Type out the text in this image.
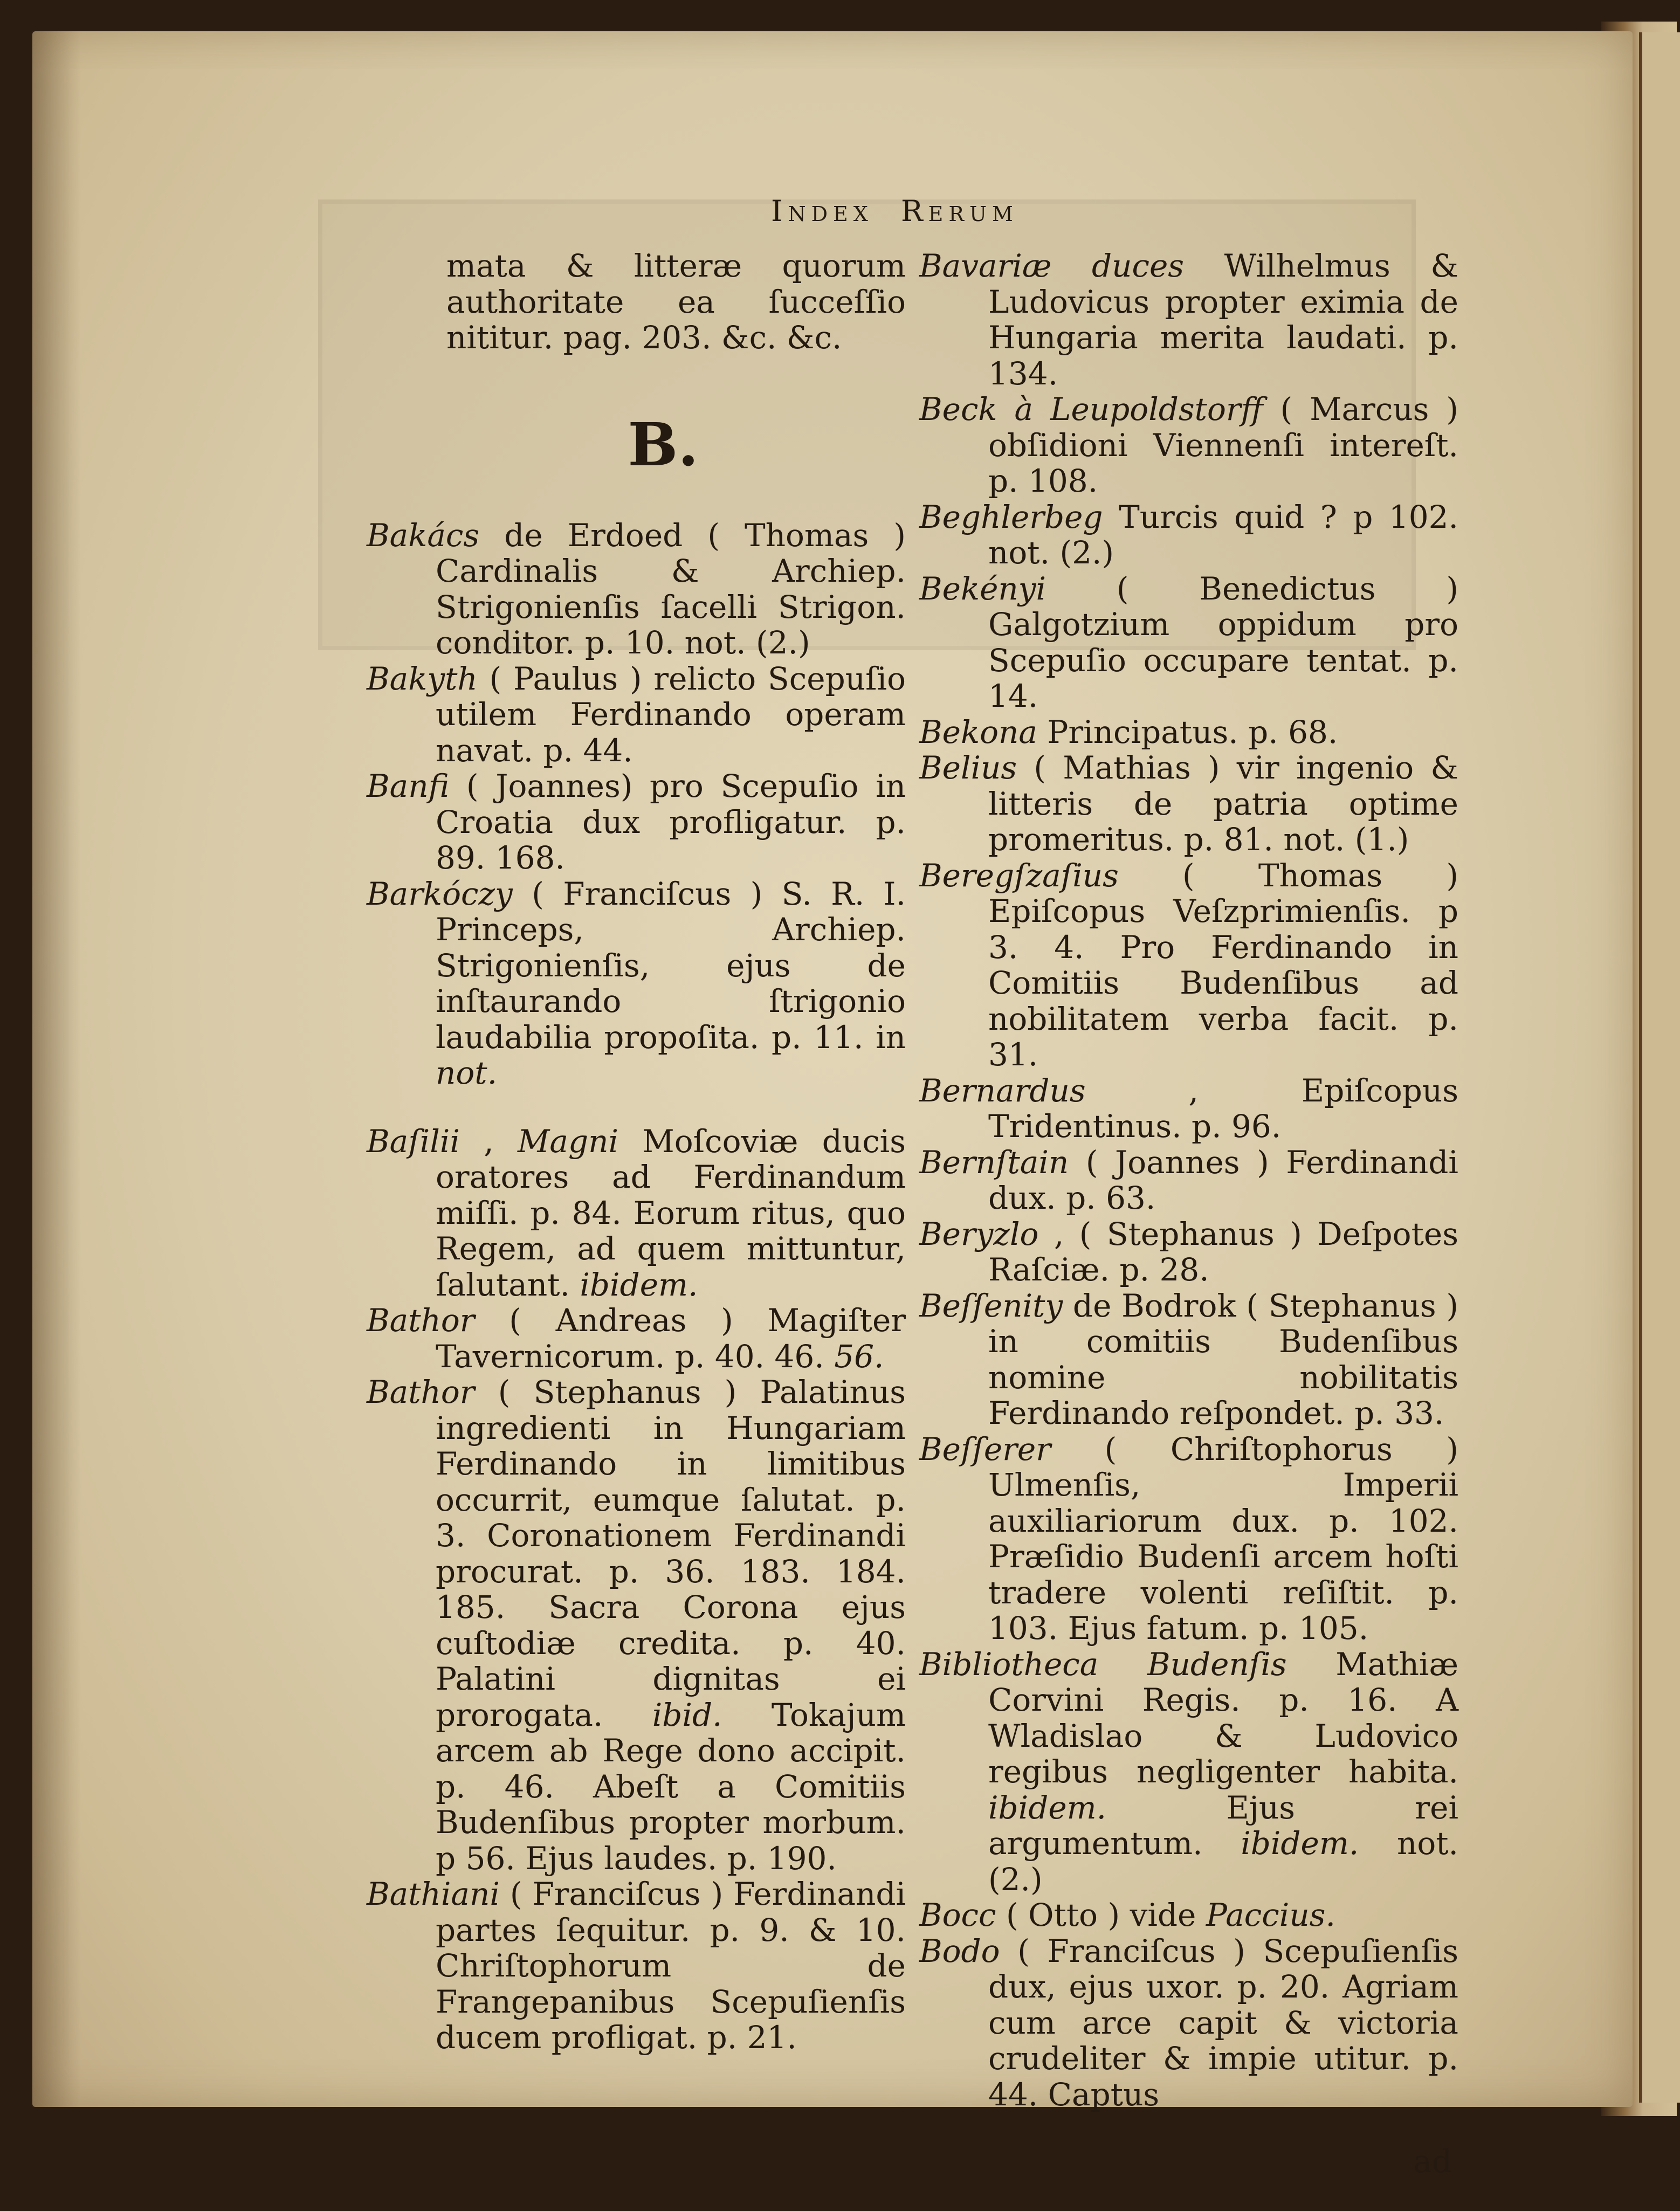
Index Rerum

mata & litteræ quorum authoritate ea ſucceſſio nititur. pag. 203. &c. &c.

B.

Bakács de Erdoed ( Thomas ) Cardinalis & Archiep. Strigonienſis ſacelli Strigon. conditor. p. 10. not. (2.)

Bakyth ( Paulus ) relicto Scepuſio utilem Ferdinando operam navat. p. 44.

Banfi ( Joannes) pro Scepuſio in Croatia dux profligatur. p. 89. 168.

Barkóczy ( Franciſcus ) S. R. I. Princeps, Archiep. Strigonienſis, ejus de inſtaurando ſtrigonio laudabilia propoſita. p. 11. in not.

Baſilii , Magni Moſcoviæ ducis oratores ad Ferdinandum miſſi. p. 84. Eorum ritus, quo Regem, ad quem mittuntur, ſalutant. ibidem.

Bathor ( Andreas ) Magiſter Tavernicorum. p. 40. 46. 56.

Bathor ( Stephanus ) Palatinus ingredienti in Hungariam Ferdinando in limitibus occurrit, eumque ſalutat. p. 3. Coronationem Ferdinandi procurat. p. 36. 183. 184. 185. Sacra Corona ejus cuſtodiæ credita. p. 40. Palatini dignitas ei prorogata. ibid. Tokajum arcem ab Rege dono accipit. p. 46. Abeſt a Comitiis Budenſibus propter morbum. p 56. Ejus laudes. p. 190.

Bathiani ( Franciſcus ) Ferdinandi partes ſequitur. p. 9. & 10. Chriſtophorum de Frangepanibus Scepuſienſis ducem profligat. p. 21.

Bavariæ duces Wilhelmus & Ludovicus propter eximia de Hungaria merita laudati. p. 134.

Beck à Leupoldstorff ( Marcus ) obſidioni Viennenſi intereſt. p. 108.

Beghlerbeg Turcis quid ? p 102. not. (2.)

Bekényi ( Benedictus ) Galgotzium oppidum pro Scepuſio occupare tentat. p. 14.

Bekona Principatus. p. 68.

Belius ( Mathias ) vir ingenio & litteris de patria optime promeritus. p. 81. not. (1.)

Beregſzaſius ( Thomas ) Epiſcopus Veſzprimienſis. p 3. 4. Pro Ferdinando in Comitiis Budenſibus ad nobilitatem verba facit. p. 31.

Bernardus , Epiſcopus Tridentinus. p. 96.

Bernſtain ( Joannes ) Ferdinandi dux. p. 63.

Beryzlo , ( Stephanus ) Deſpotes Raſciæ. p. 28.

Beſſenity de Bodrok ( Stephanus ) in comitiis Budenſibus nomine nobilitatis Ferdinando reſpondet. p. 33.

Beſſerer ( Chriſtophorus ) Ulmenſis, Imperii auxiliariorum dux. p. 102. Præſidio Budenſi arcem hoſti tradere volenti reſiſtit. p. 103. Ejus fatum. p. 105.

Bibliotheca Budenſis Mathiæ Corvini Regis. p. 16. A Wladislao & Ludovico regibus negligenter habita. ibidem. Ejus rei argumentum. ibidem. not. (2.)

Bocc ( Otto ) vide Paccius.

Bodo ( Franciſcus ) Scepuſienſis dux, ejus uxor. p. 20. Agriam cum arce capit & victoria crudeliter & impie utitur. p. 44. Captus

ad
